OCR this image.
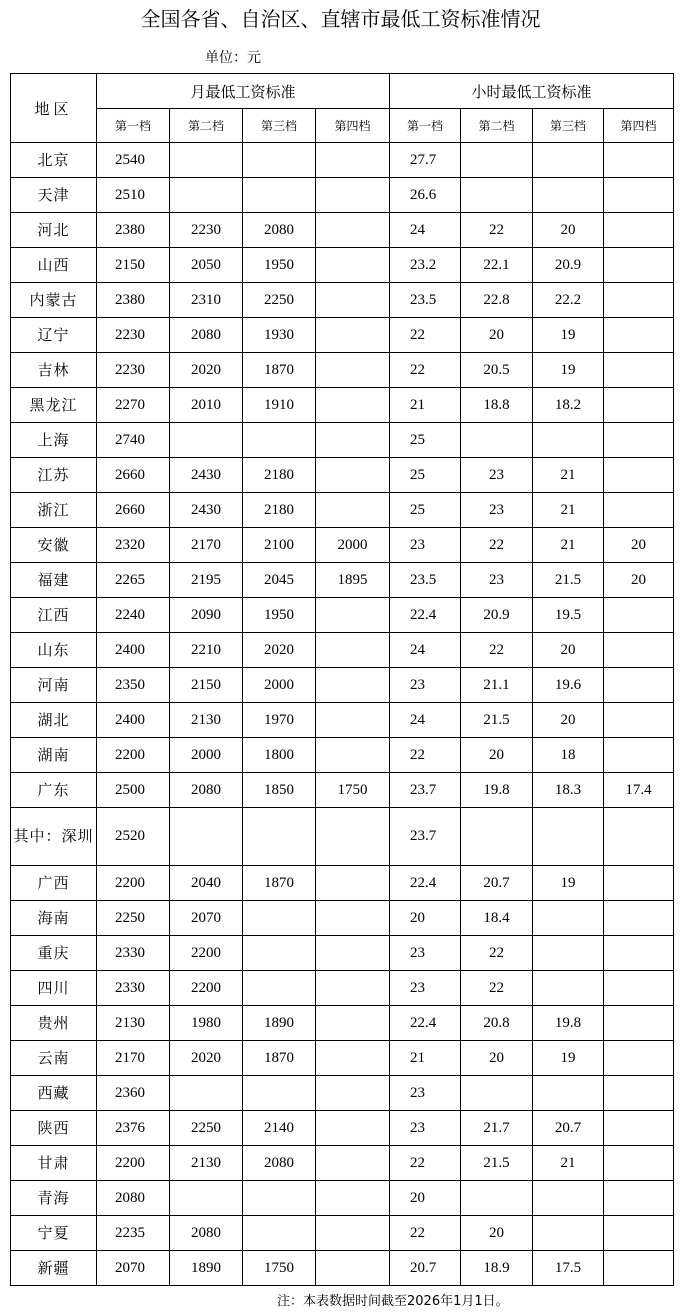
全国各省、自治区、直辖市最低工资标准情况
单位：元
地区	月最低工资标准				小时最低工资标准			
	第一档	第二档	第三档	第四档	第一档	第二档	第三档	第四档
北京	2540				27.7			
天津	2510				26.6			
河北	2380	2230	2080		24	22	20	
山西	2150	2050	1950		23.2	22.1	20.9	
内蒙古	2380	2310	2250		23.5	22.8	22.2	
辽宁	2230	2080	1930		22	20	19	
吉林	2230	2020	1870		22	20.5	19	
黑龙江	2270	2010	1910		21	18.8	18.2	
上海	2740				25			
江苏	2660	2430	2180		25	23	21	
浙江	2660	2430	2180		25	23	21	
安徽	2320	2170	2100	2000	23	22	21	20
福建	2265	2195	2045	1895	23.5	23	21.5	20
江西	2240	2090	1950		22.4	20.9	19.5	
山东	2400	2210	2020		24	22	20	
河南	2350	2150	2000		23	21.1	19.6	
湖北	2400	2130	1970		24	21.5	20	
湖南	2200	2000	1800		22	20	18	
广东	2500	2080	1850	1750	23.7	19.8	18.3	17.4
其中：深圳	2520				23.7			
广西	2200	2040	1870		22.4	20.7	19	
海南	2250	2070			20	18.4		
重庆	2330	2200			23	22		
四川	2330	2200			23	22		
贵州	2130	1980	1890		22.4	20.8	19.8	
云南	2170	2020	1870		21	20	19	
西藏	2360				23			
陕西	2376	2250	2140		23	21.7	20.7	
甘肃	2200	2130	2080		22	21.5	21	
青海	2080				20			
宁夏	2235	2080			22	20		
新疆	2070	1890	1750		20.7	18.9	17.5	
注：本表数据时间截至2026年1月1日。
